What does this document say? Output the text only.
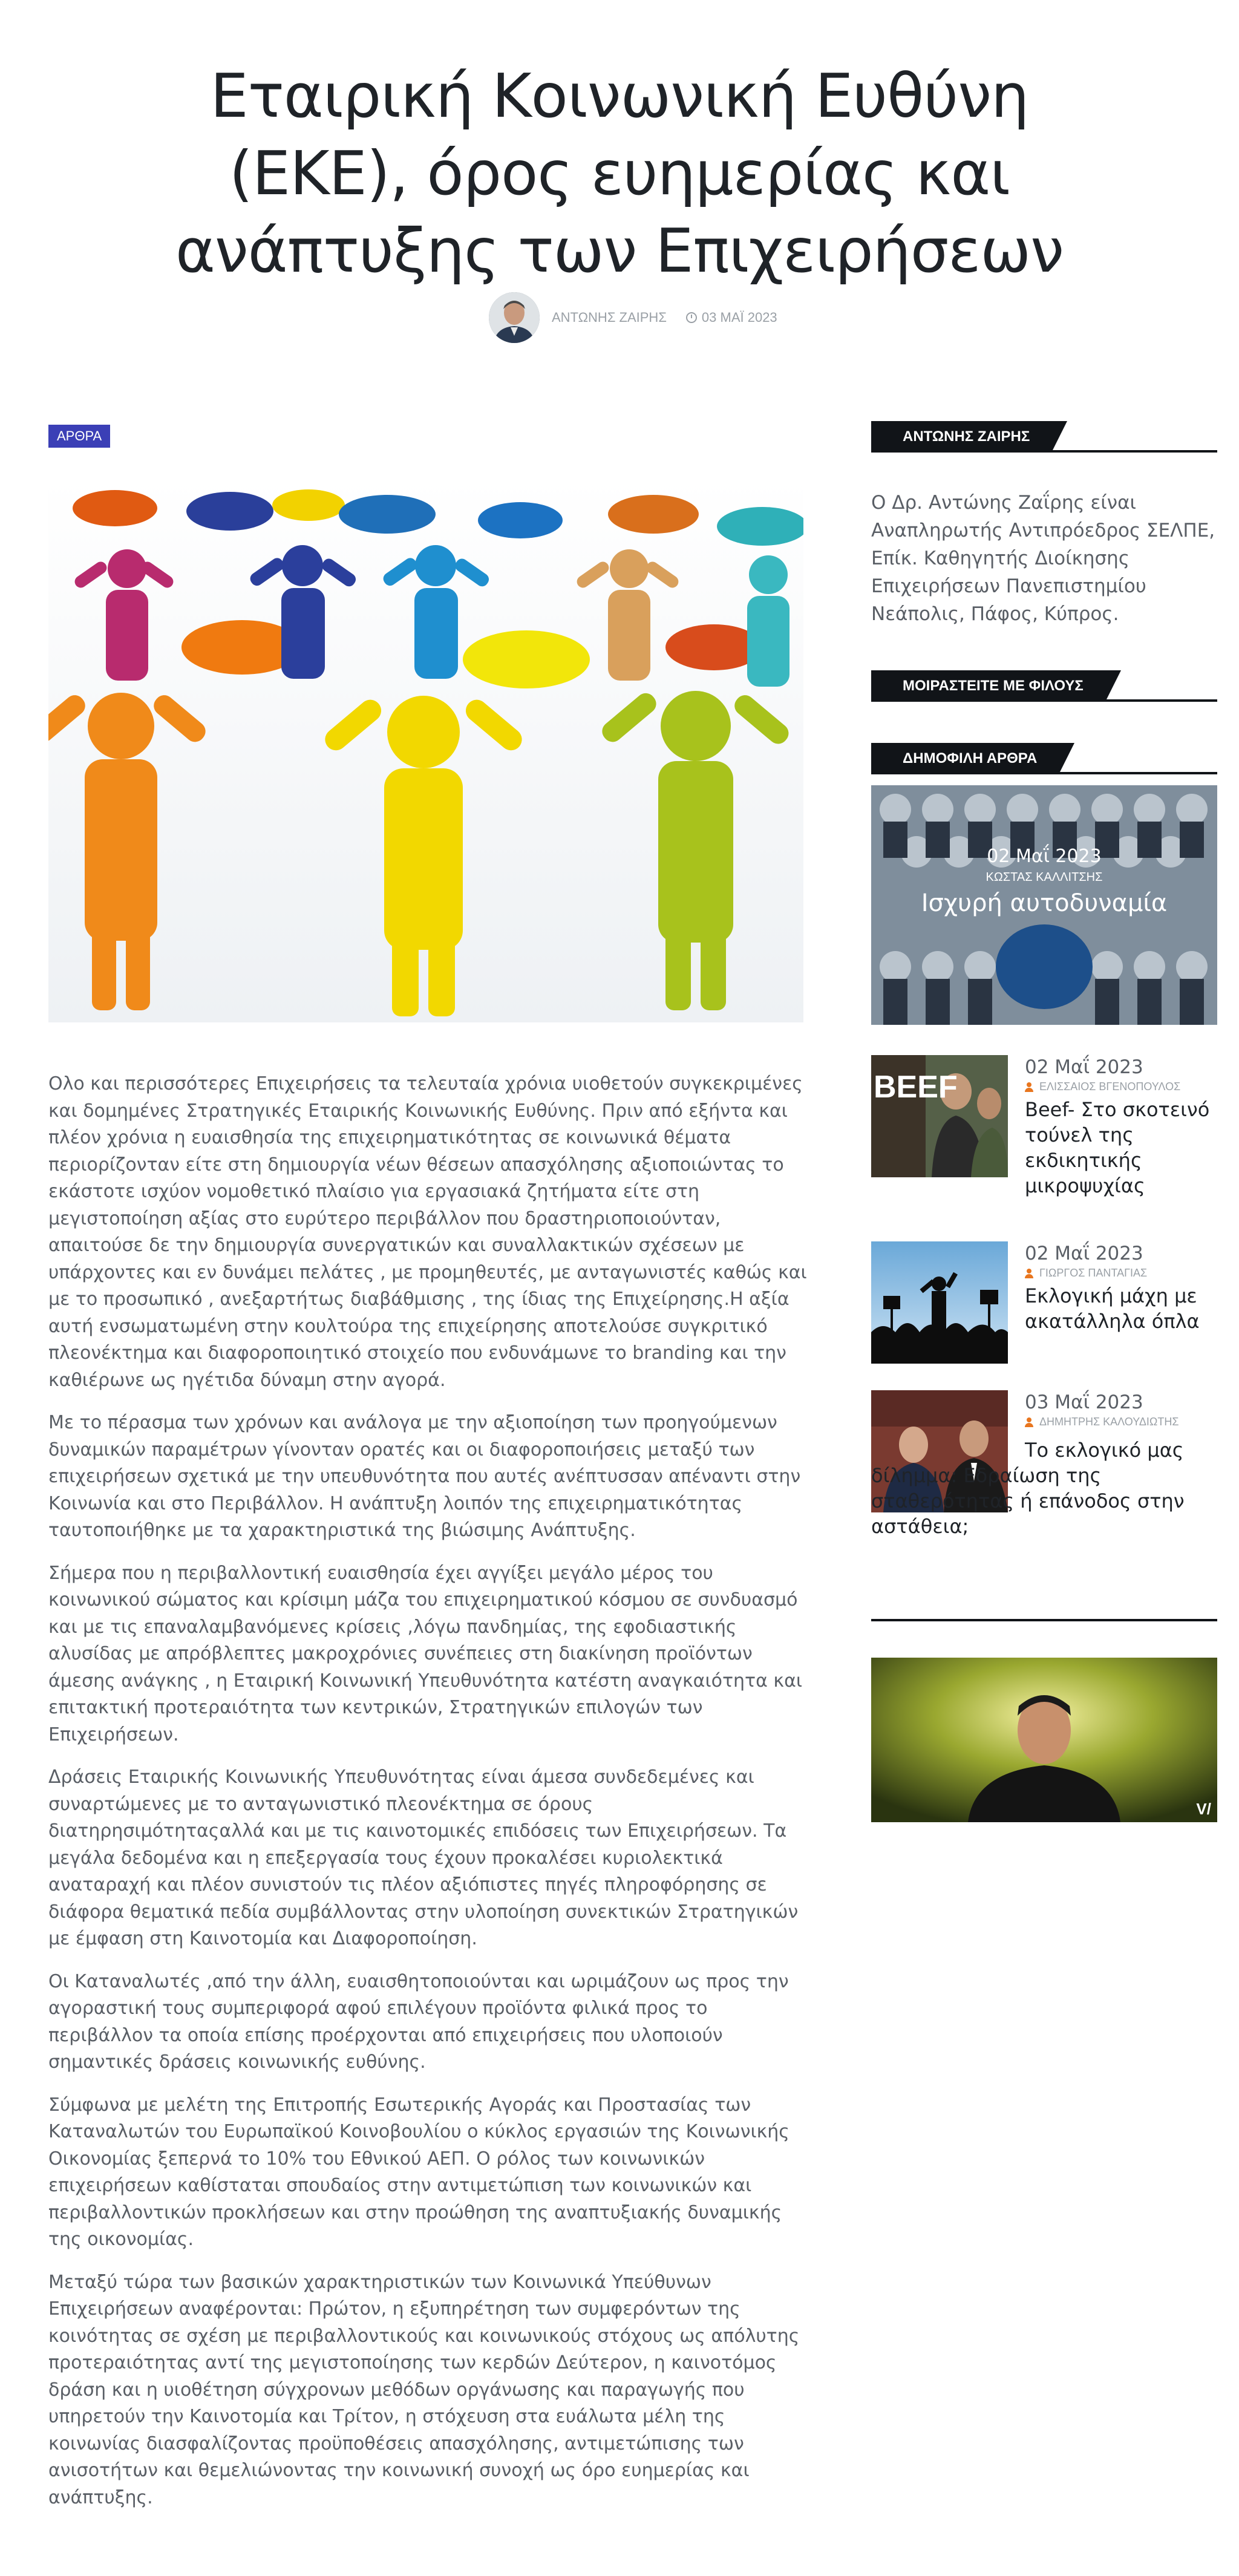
Εταιρική Κοινωνική Ευθύνη
(ΕΚΕ), όρος ευημερίας και
ανάπτυξης των Επιχειρήσεων
ΑΝΤΩΝΗΣ ΖΑΙΡΗΣ	03 ΜΑΪ 2023
ΑΡΘΡΑ

Ολο και περισσότερες Επιχειρήσεις τα τελευταία χρόνια υιοθετούν συγκεκριμένες και δομημένες Στρατηγικές Εταιρικής Κοινωνικής Ευθύνης. Πριν από εξήντα και πλέον χρόνια η ευαισθησία της επιχειρηματικότητας σε κοινωνικά θέματα περιορίζονταν είτε στη δημιουργία νέων θέσεων απασχόλησης αξιοποιώντας το εκάστοτε ισχύον νομοθετικό πλαίσιο για εργασιακά ζητήματα είτε στη μεγιστοποίηση αξίας στο ευρύτερο περιβάλλον που δραστηριοποιούνταν, απαιτούσε δε την δημιουργία συνεργατικών και συναλλακτικών σχέσεων με υπάρχοντες και εν δυνάμει πελάτες , με προμηθευτές, με ανταγωνιστές καθώς και με το προσωπικό , ανεξαρτήτως διαβάθμισης , της ίδιας της Επιχείρησης.Η αξία αυτή ενσωματωμένη στην κουλτούρα της επιχείρησης αποτελούσε συγκριτικό πλεονέκτημα και διαφοροποιητικό στοιχείο που ενδυνάμωνε το branding και την καθιέρωνε ως ηγέτιδα δύναμη στην αγορά.

Με το πέρασμα των χρόνων και ανάλογα με την αξιοποίηση των προηγούμενων δυναμικών παραμέτρων γίνονταν ορατές και οι διαφοροποιήσεις μεταξύ των επιχειρήσεων σχετικά με την υπευθυνότητα που αυτές ανέπτυσσαν απέναντι στην Κοινωνία και στο Περιβάλλον. Η ανάπτυξη λοιπόν της επιχειρηματικότητας ταυτοποιήθηκε με τα χαρακτηριστικά της βιώσιμης Ανάπτυξης.

Σήμερα που η περιβαλλοντική ευαισθησία έχει αγγίξει μεγάλο μέρος του κοινωνικού σώματος και κρίσιμη μάζα του επιχειρηματικού κόσμου σε συνδυασμό και με τις επαναλαμβανόμενες κρίσεις ,λόγω πανδημίας, της εφοδιαστικής αλυσίδας με απρόβλεπτες μακροχρόνιες συνέπειες στη διακίνηση προϊόντων άμεσης ανάγκης , η Εταιρική Κοινωνική Υπευθυνότητα κατέστη αναγκαιότητα και επιτακτική προτεραιότητα των κεντρικών, Στρατηγικών επιλογών των Επιχειρήσεων.

Δράσεις Εταιρικής Κοινωνικής Υπευθυνότητας είναι άμεσα συνδεδεμένες και συναρτώμενες με το ανταγωνιστικό πλεονέκτημα σε όρους διατηρησιμότηταςαλλά και με τις καινοτομικές επιδόσεις των Επιχειρήσεων. Τα μεγάλα δεδομένα και η επεξεργασία τους έχουν προκαλέσει κυριολεκτικά αναταραχή και πλέον συνιστούν τις πλέον αξιόπιστες πηγές πληροφόρησης σε διάφορα θεματικά πεδία συμβάλλοντας στην υλοποίηση συνεκτικών Στρατηγικών με έμφαση στη Καινοτομία και Διαφοροποίηση.

Οι Καταναλωτές ,από την άλλη, ευαισθητοποιούνται και ωριμάζουν ως προς την αγοραστική τους συμπεριφορά αφού επιλέγουν προϊόντα φιλικά προς το περιβάλλον τα οποία επίσης προέρχονται από επιχειρήσεις που υλοποιούν σημαντικές δράσεις κοινωνικής ευθύνης.

Σύμφωνα με μελέτη της Επιτροπής Εσωτερικής Αγοράς και Προστασίας των Καταναλωτών του Ευρωπαϊκού Κοινοβουλίου ο κύκλος εργασιών της Κοινωνικής Οικονομίας ξεπερνά το 10% του Εθνικού ΑΕΠ. Ο ρόλος των κοινωνικών επιχειρήσεων καθίσταται σπουδαίος στην αντιμετώπιση των κοινωνικών και περιβαλλοντικών προκλήσεων και στην προώθηση της αναπτυξιακής δυναμικής της οικονομίας.

Μεταξύ τώρα των βασικών χαρακτηριστικών των Κοινωνικά Υπεύθυνων Επιχειρήσεων αναφέρονται: Πρώτον, η εξυπηρέτηση των συμφερόντων της κοινότητας σε σχέση με περιβαλλοντικούς και κοινωνικούς στόχους ως απόλυτης προτεραιότητας αντί της μεγιστοποίησης των κερδών Δεύτερον, η καινοτόμος δράση και η υιοθέτηση σύγχρονων μεθόδων οργάνωσης και παραγωγής που υπηρετούν την Καινοτομία και Τρίτον, η στόχευση στα ευάλωτα μέλη της κοινωνίας διασφαλίζοντας προϋποθέσεις απασχόλησης, αντιμετώπισης των ανισοτήτων και θεμελιώνοντας την κοινωνική συνοχή ως όρο ευημερίας και ανάπτυξης.

ΑΝΤΩΝΗΣ ΖΑΙΡΗΣ
Ο Δρ. Αντώνης Ζαΐρης είναι Αναπληρωτής Αντιπρόεδρος ΣΕΛΠΕ, Επίκ. Καθηγητής Διοίκησης Επιχειρήσεων Πανεπιστημίου Νεάπολις, Πάφος, Κύπρος.
ΜΟΙΡΑΣΤΕΙΤΕ ΜΕ ΦΙΛΟΥΣ
ΔΗΜΟΦΙΛΗ ΑΡΘΡΑ
02 Μαΐ 2023
ΚΩΣΤΑΣ ΚΑΛΛΙΤΣΗΣ
Ισχυρή αυτοδυναμία
BEEF
02 Μαΐ 2023
ΕΛΙΣΣΑΙΟΣ ΒΓΕΝΟΠΟΥΛΟΣ
Beef- Στο σκοτεινό τούνελ της εκδικητικής μικροψυχίας
02 Μαΐ 2023
ΓΙΩΡΓΟΣ ΠΑΝΤΑΓΙΑΣ
Εκλογική μάχη με ακατάλληλα όπλα
03 Μαΐ 2023
ΔΗΜΗΤΡΗΣ ΚΑΛΟΥΔΙΩΤΗΣ
Το εκλογικό μας δίλημμα: Εδραίωση της σταθερότητας ή επάνοδος στην αστάθεια;
V/
